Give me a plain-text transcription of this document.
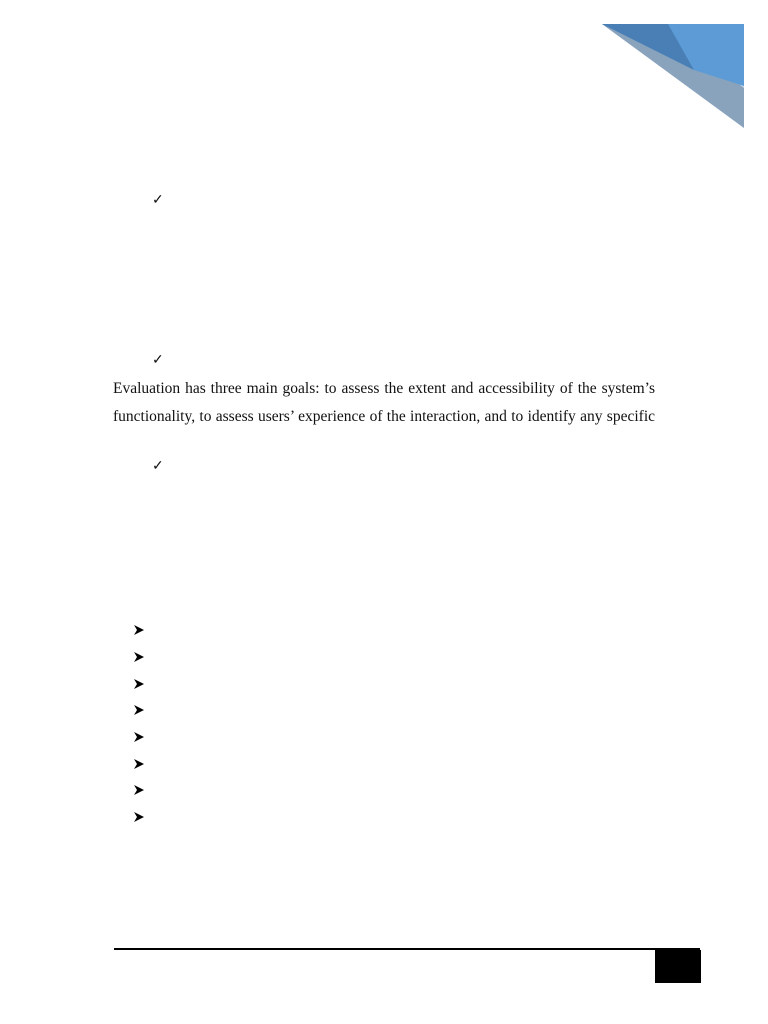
✓
✓
✓
Evaluation has three main goals: to assess the extent and accessibility of the system’s
functionality, to assess users’ experience of the interaction, and to identify any specific
